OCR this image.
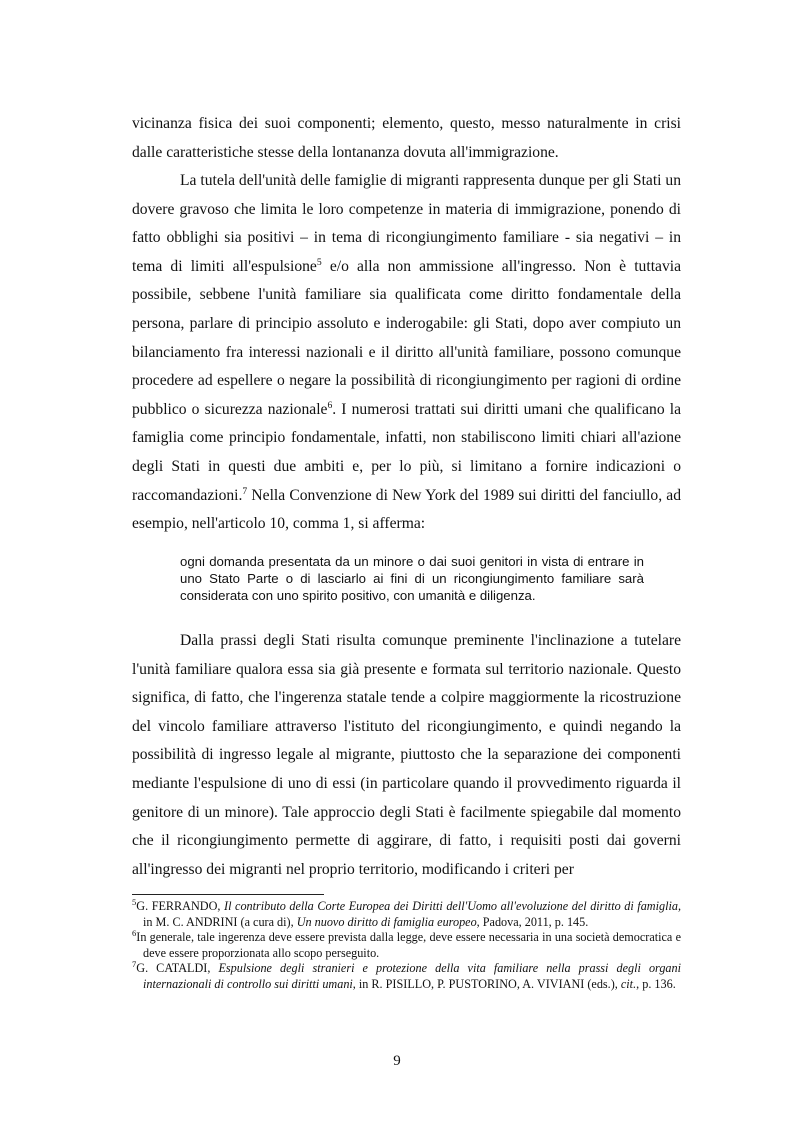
vicinanza fisica dei suoi componenti; elemento, questo, messo naturalmente in crisi dalle caratteristiche stesse della lontananza dovuta all'immigrazione.

La tutela dell'unità delle famiglie di migranti rappresenta dunque per gli Stati un dovere gravoso che limita le loro competenze in materia di immigrazione, ponendo di fatto obblighi sia positivi – in tema di ricongiungimento familiare - sia negativi – in tema di limiti all'espulsione$^5$ e/o alla non ammissione all'ingresso. Non è tuttavia possibile, sebbene l'unità familiare sia qualificata come diritto fondamentale della persona, parlare di principio assoluto e inderogabile: gli Stati, dopo aver compiuto un bilanciamento fra interessi nazionali e il diritto all'unità familiare, possono comunque procedere ad espellere o negare la possibilità di ricongiungimento per ragioni di ordine pubblico o sicurezza nazionale$^6$. I numerosi trattati sui diritti umani che qualificano la famiglia come principio fondamentale, infatti, non stabiliscono limiti chiari all'azione degli Stati in questi due ambiti e, per lo più, si limitano a fornire indicazioni o raccomandazioni.$^7$ Nella Convenzione di New York del 1989 sui diritti del fanciullo, ad esempio, nell'articolo 10, comma 1, si afferma:

ogni domanda presentata da un minore o dai suoi genitori in vista di entrare in uno Stato Parte o di lasciarlo ai fini di un ricongiungimento familiare sarà considerata con uno spirito positivo, con umanità e diligenza.

Dalla prassi degli Stati risulta comunque preminente l'inclinazione a tutelare l'unità familiare qualora essa sia già presente e formata sul territorio nazionale. Questo significa, di fatto, che l'ingerenza statale tende a colpire maggiormente la ricostruzione del vincolo familiare attraverso l'istituto del ricongiungimento, e quindi negando la possibilità di ingresso legale al migrante, piuttosto che la separazione dei componenti mediante l'espulsione di uno di essi (in particolare quando il provvedimento riguarda il genitore di un minore). Tale approccio degli Stati è facilmente spiegabile dal momento che il ricongiungimento permette di aggirare, di fatto, i requisiti posti dai governi all'ingresso dei migranti nel proprio territorio, modificando i criteri per

$^5$G. FERRANDO, Il contributo della Corte Europea dei Diritti dell'Uomo all'evoluzione del diritto di famiglia, in M. C. ANDRINI (a cura di), Un nuovo diritto di famiglia europeo, Padova, 2011, p. 145.

$^6$In generale, tale ingerenza deve essere prevista dalla legge, deve essere necessaria in una società democratica e deve essere proporzionata allo scopo perseguito.

$^7$G. CATALDI, Espulsione degli stranieri e protezione della vita familiare nella prassi degli organi internazionali di controllo sui diritti umani, in R. PISILLO, P. PUSTORINO, A. VIVIANI (eds.), cit., p. 136.

9
